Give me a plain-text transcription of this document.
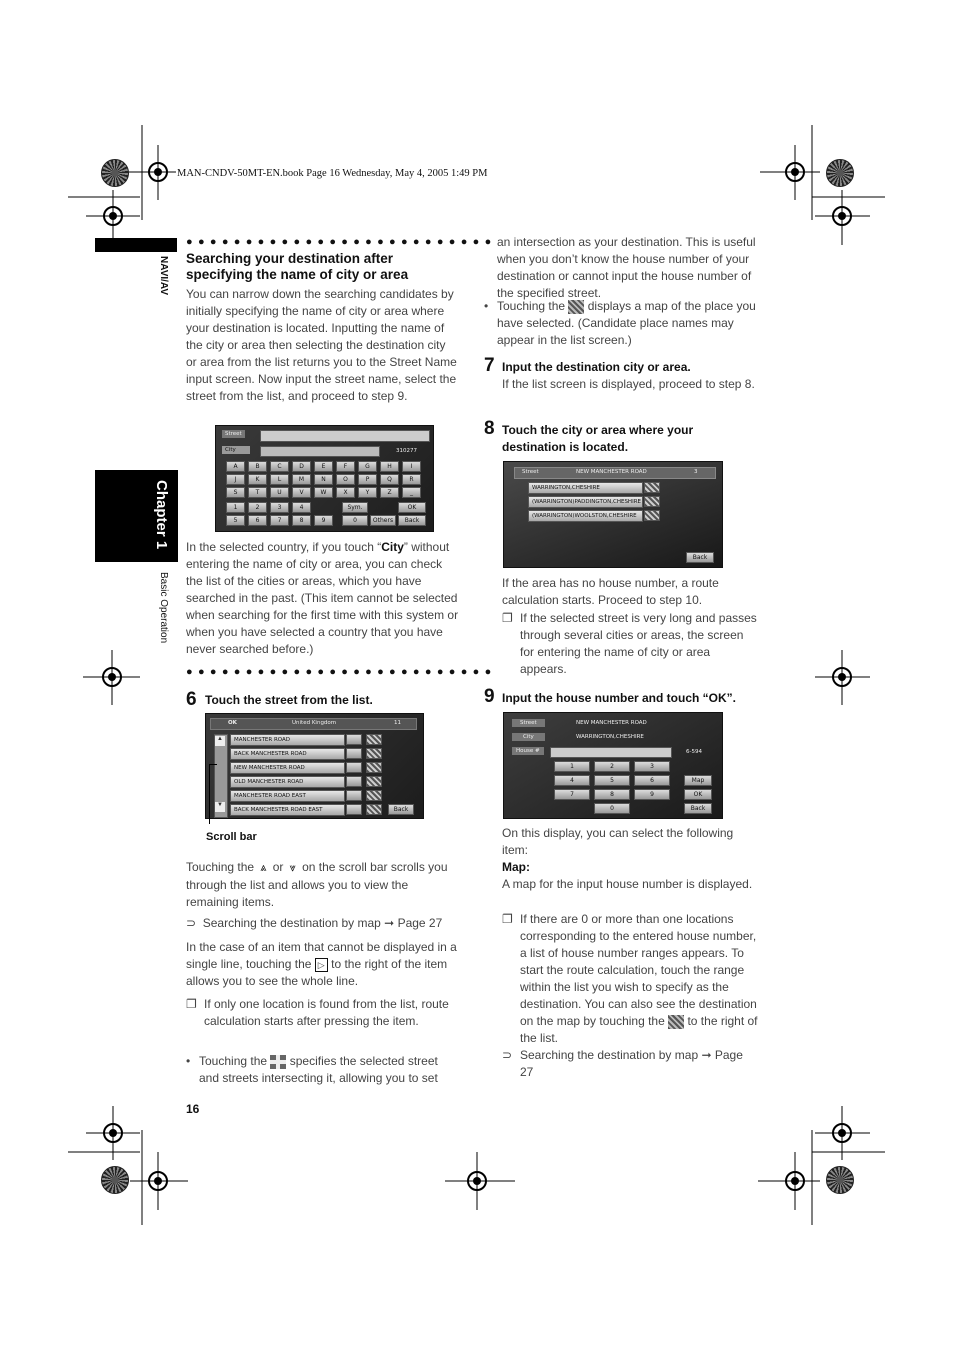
MAN-CNDV-50MT-EN.book Page 16 Wednesday, May 4, 2005 1:49 PM
NAVI/AV
Chapter 1
Basic Operation
●●●●●●●●●●●●●●●●●●●●●●●●●●
Searching your destination after specifying the name of city or area
You can narrow down the searching candidates by initially specifying the name of city or area where your destination is located. Inputting the name of the city or area then selecting the destination city or area from the list returns you to the Street Name input screen. Now input the street name, select the street from the list, and proceed to step 9.
Street
City	310277
A	B	C	D	E	F	G	H	I
J	K	L	M	N	O	P	Q	R
S	T	U	V	W	X	Y	Z	_
1	2	3	4	Sym.	OK
5	6	7	8	9	0	Others	Back
In the selected country, if you touch “City” without entering the name of city or area, you can check the list of the cities or areas, which you have searched in the past. (This item cannot be selected when searching for the first time with this system or when you have selected a country that you have never searched before.)
●●●●●●●●●●●●●●●●●●●●●●●●●●
6 Touch the street from the list.
OK	United Kingdom	11
▲
▼
MANCHESTER ROAD
BACK MANCHESTER ROAD
NEW MANCHESTER ROAD
OLD MANCHESTER ROAD
MANCHESTER ROAD EAST
BACK MANCHESTER ROAD EAST	Back
Scroll bar
Touching the ⩓ or ⩔ on the scroll bar scrolls you through the list and allows you to view the remaining items.
⊃  Searching the destination by map ➞ Page 27
In the case of an item that cannot be displayed in a single line, touching the ▷ to the right of the item allows you to see the whole line.
❐ If only one location is found from the list, route calculation starts after pressing the item.
• Touching the specifies the selected street and streets intersecting it, allowing you to set
16
an intersection as your destination. This is useful when you don’t know the house number of your destination or cannot input the house number of the specified street.
• Touching the displays a map of the place you have selected. (Candidate place names may appear in the list screen.)
7 Input the destination city or area.
If the list screen is displayed, proceed to step 8.
8 Touch the city or area where your destination is located.
Street	NEW MANCHESTER ROAD	3
WARRINGTON,CHESHIRE
(WARRINGTON)PADDINGTON,CHESHIRE
(WARRINGTON)WOOLSTON,CHESHIRE
Back
If the area has no house number, a route calculation starts. Proceed to step 10.
❐ If the selected street is very long and passes through several cities or areas, the screen for entering the name of city or area appears.
9 Input the house number and touch “OK”.
Street	NEW MANCHESTER ROAD
City	WARRINGTON,CHESHIRE
House #	6-594
1	2	3
4	5	6
7	8	9
0
Map
OK
Back
On this display, you can select the following item:
Map:
A map for the input house number is displayed.
❐ If there are 0 or more than one locations corresponding to the entered house number, a list of house number ranges appears. To start the route calculation, touch the range within the list you wish to specify as the destination. You can also see the destination on the map by touching the to the right of the list.
⊃ Searching the destination by map ➞ Page 27
